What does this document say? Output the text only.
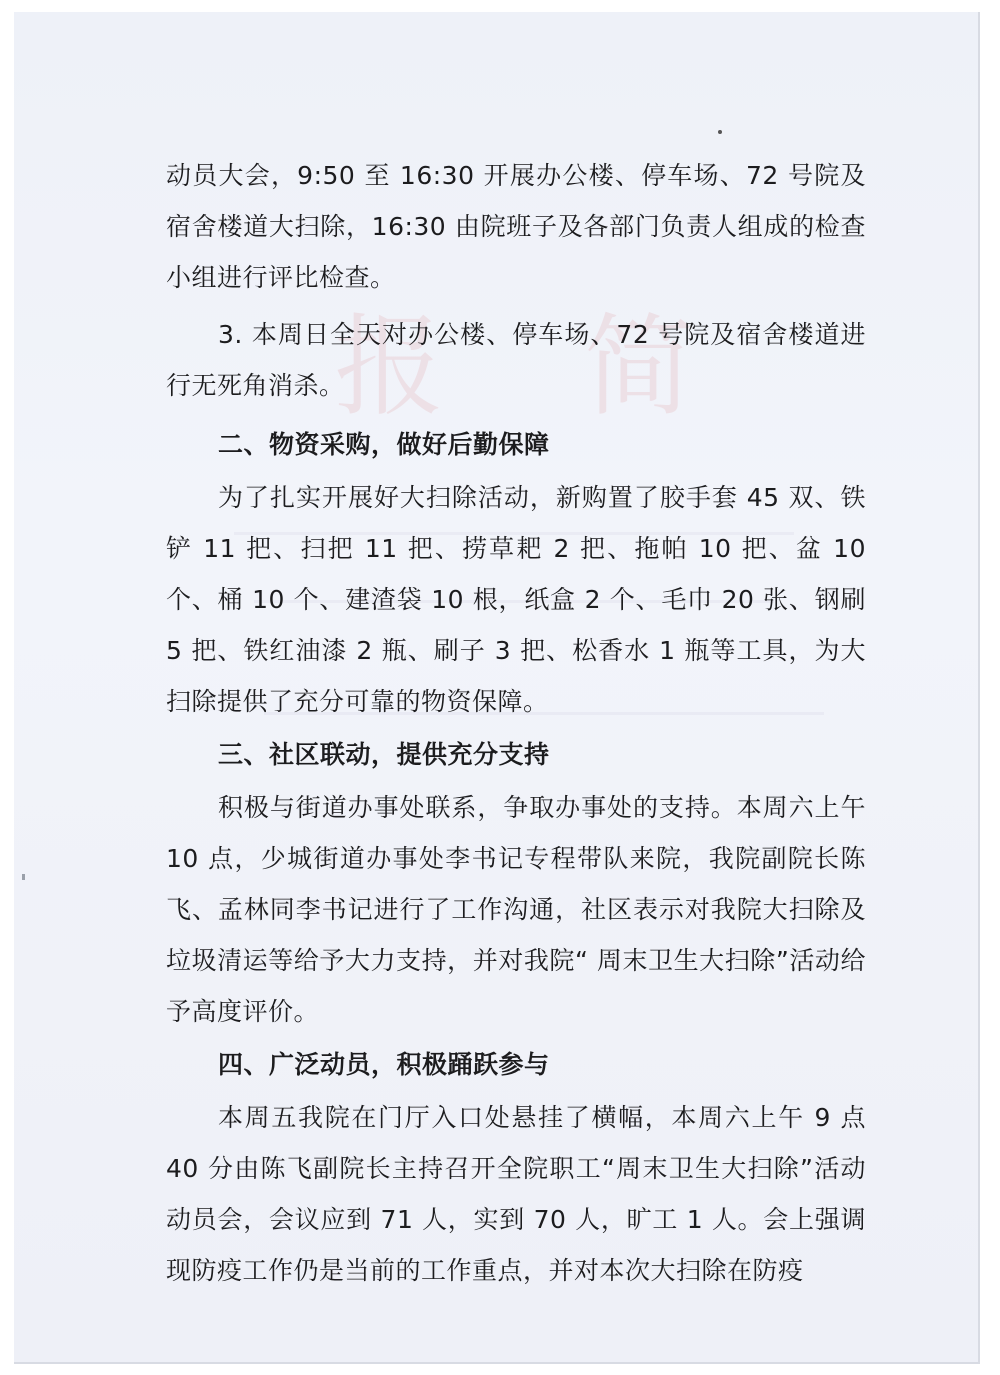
报 简

动员大会，9:50 至 16:30 开展办公楼、停车场、72 号院及宿舍楼道大扫除，16:30 由院班子及各部门负责人组成的检查小组进行评比检查。

3. 本周日全天对办公楼、停车场、72 号院及宿舍楼道进行无死角消杀。

二、物资采购，做好后勤保障

为了扎实开展好大扫除活动，新购置了胶手套 45 双、铁铲 11 把、扫把 11 把、捞草耙 2 把、拖帕 10 把、盆 10 个、桶 10 个、建渣袋 10 根，纸盒 2 个、毛巾 20 张、钢刷 5 把、铁红油漆 2 瓶、刷子 3 把、松香水 1 瓶等工具，为大扫除提供了充分可靠的物资保障。

三、社区联动，提供充分支持

积极与街道办事处联系，争取办事处的支持。本周六上午 10 点，少城街道办事处李书记专程带队来院，我院副院长陈飞、孟林同李书记进行了工作沟通，社区表示对我院大扫除及垃圾清运等给予大力支持，并对我院“ 周末卫生大扫除”活动给予高度评价。

四、广泛动员，积极踊跃参与

本周五我院在门厅入口处悬挂了横幅，本周六上午 9 点 40 分由陈飞副院长主持召开全院职工“周末卫生大扫除”活动动员会，会议应到 71 人，实到 70 人，旷工 1 人。会上强调现防疫工作仍是当前的工作重点，并对本次大扫除在防疫
